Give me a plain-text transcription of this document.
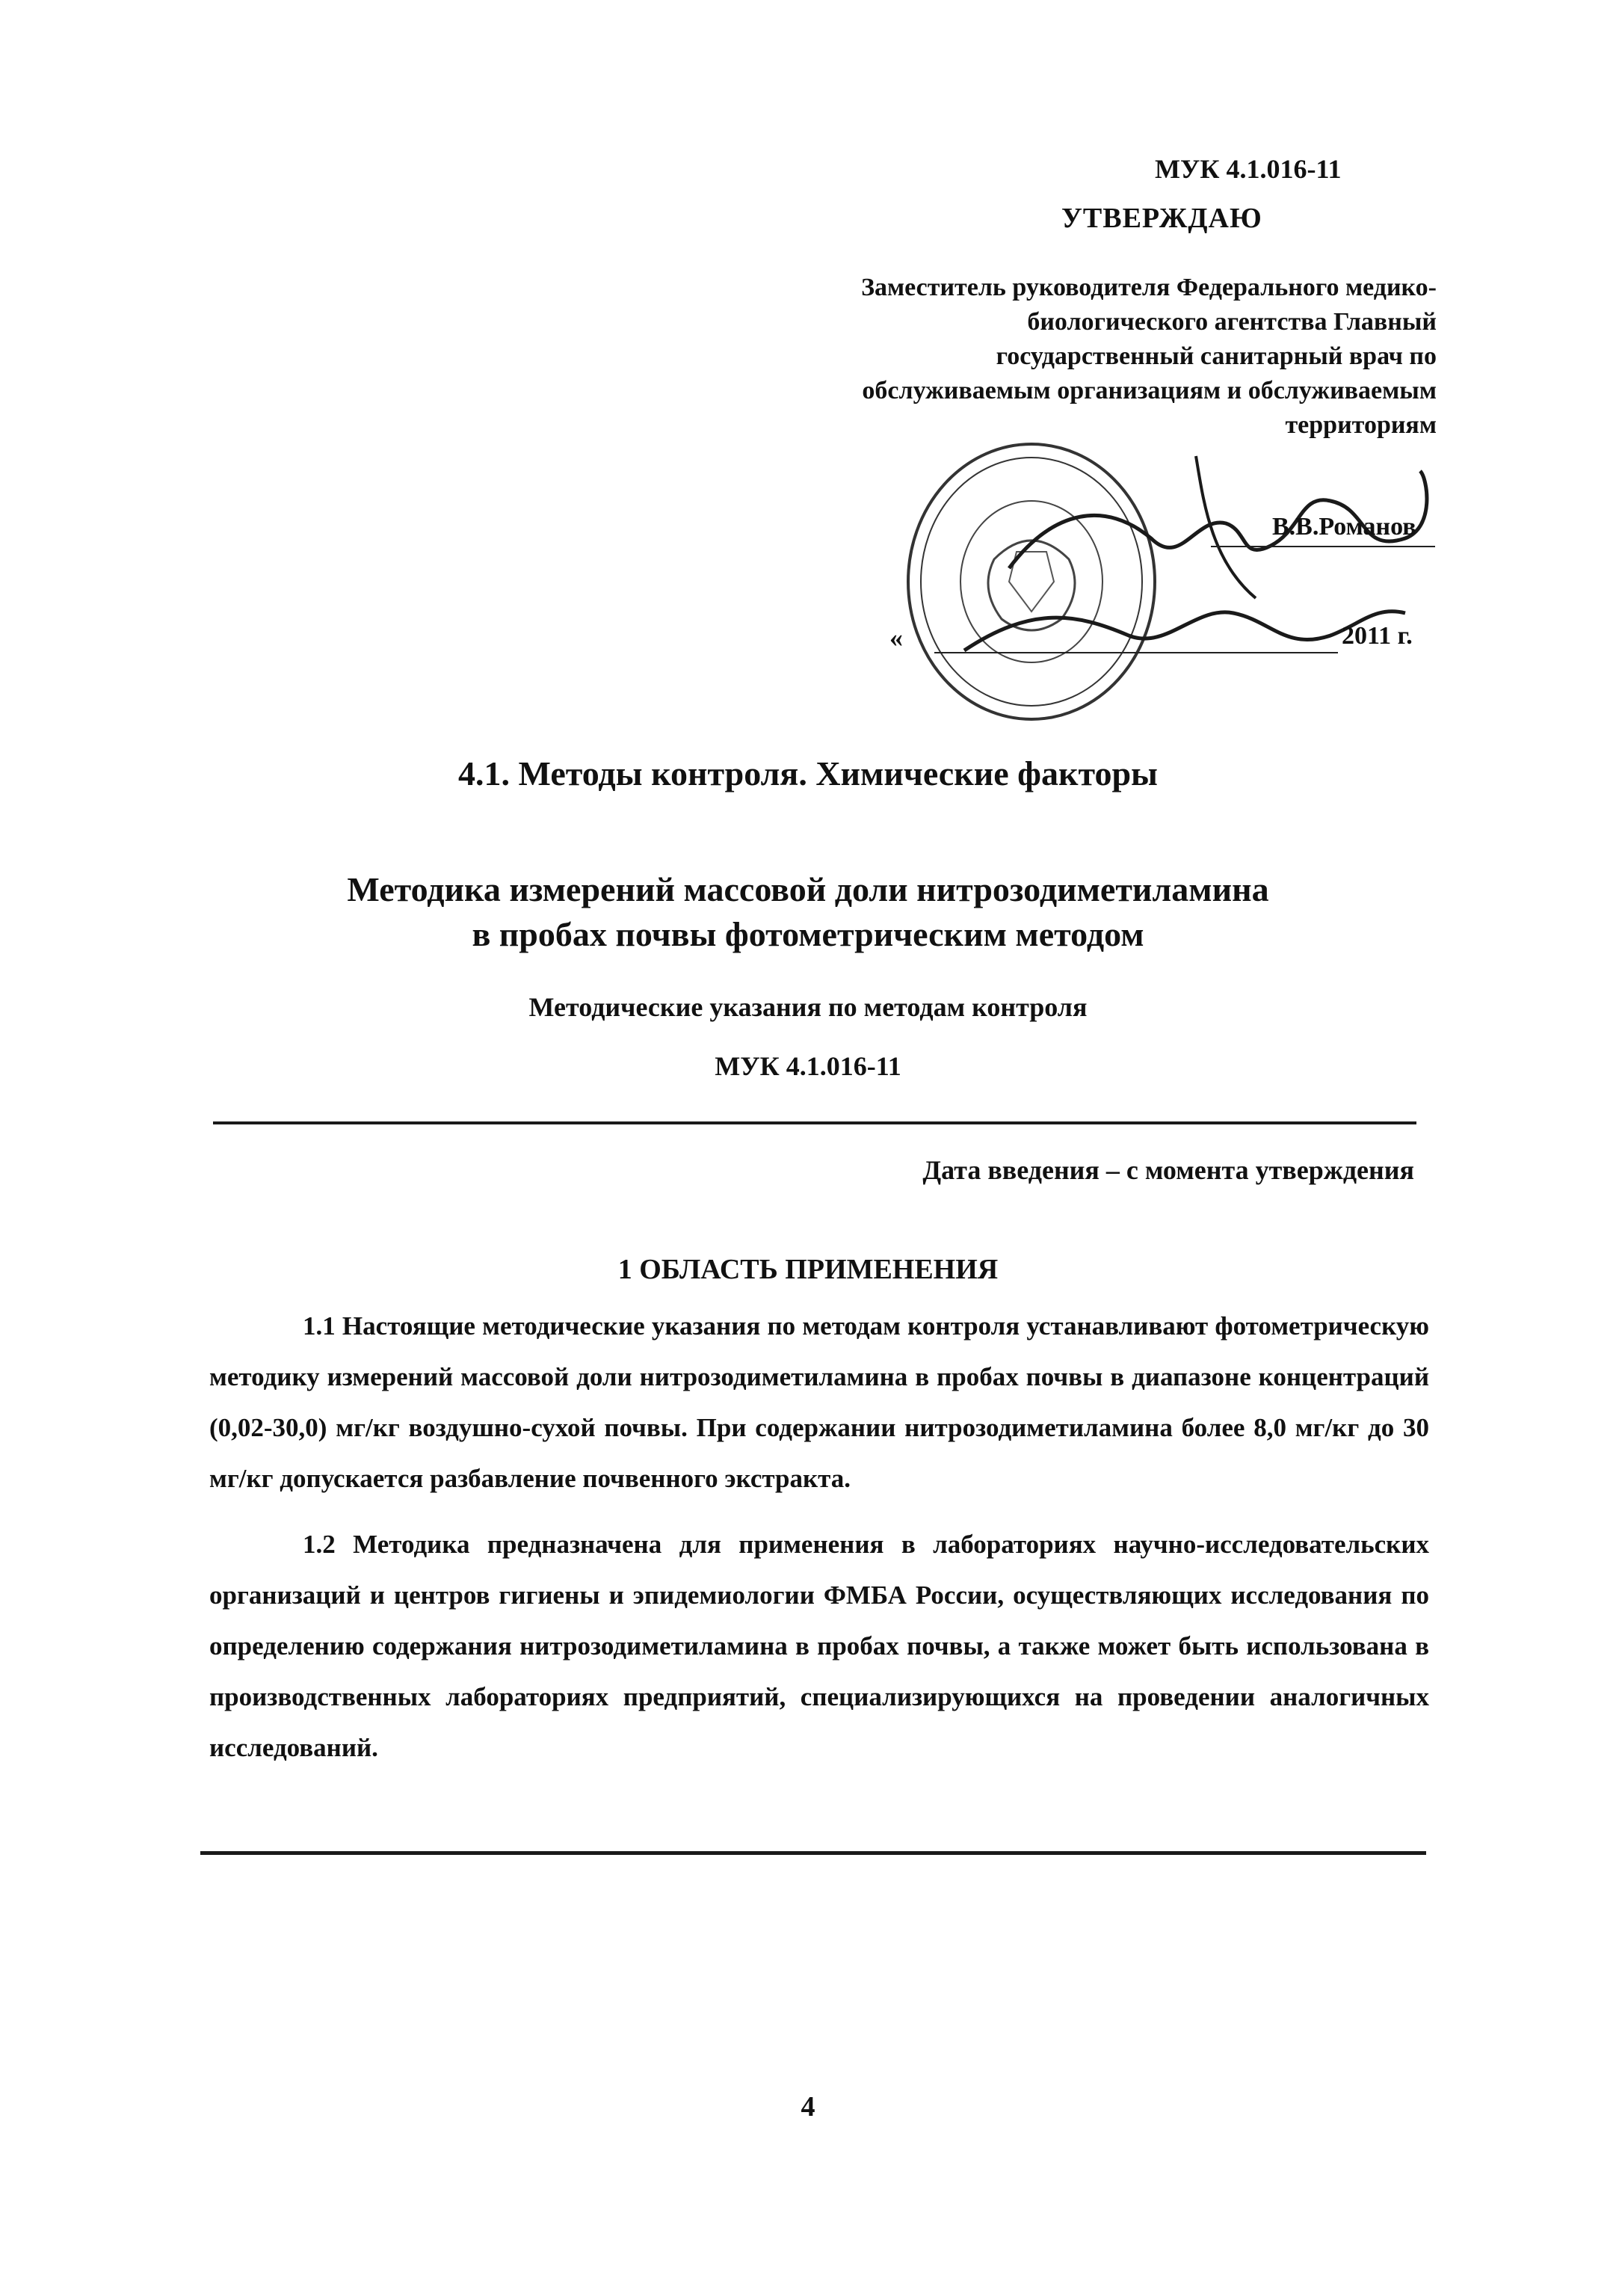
МУК 4.1.016-11
УТВЕРЖДАЮ
Заместитель руководителя Федерального медико-биологического агентства Главный государственный санитарный врач по обслуживаемым организациям и обслуживаемым территориям
В.В.Романов
«	2011 г.
4.1. Методы контроля. Химические факторы
Методика измерений массовой доли нитрозодиметиламина
в пробах почвы фотометрическим методом
Методические указания по методам контроля
МУК 4.1.016-11
Дата введения – с момента утверждения
1 ОБЛАСТЬ ПРИМЕНЕНИЯ
1.1 Настоящие методические указания по методам контроля устанавливают фотометрическую методику измерений массовой доли нитрозодиметиламина в пробах почвы в диапазоне концентраций (0,02-30,0) мг/кг воздушно-сухой почвы. При содержании нитрозодиметиламина более 8,0 мг/кг до 30 мг/кг допускается разбавление почвенного экстракта.
1.2 Методика предназначена для применения в лабораториях научно-исследовательских организаций и центров гигиены и эпидемиологии ФМБА России, осуществляющих исследования по определению содержания нитрозодиметиламина в пробах почвы, а также может быть использована в производственных лабораториях предприятий, специализирующихся на проведении аналогичных исследований.
4
